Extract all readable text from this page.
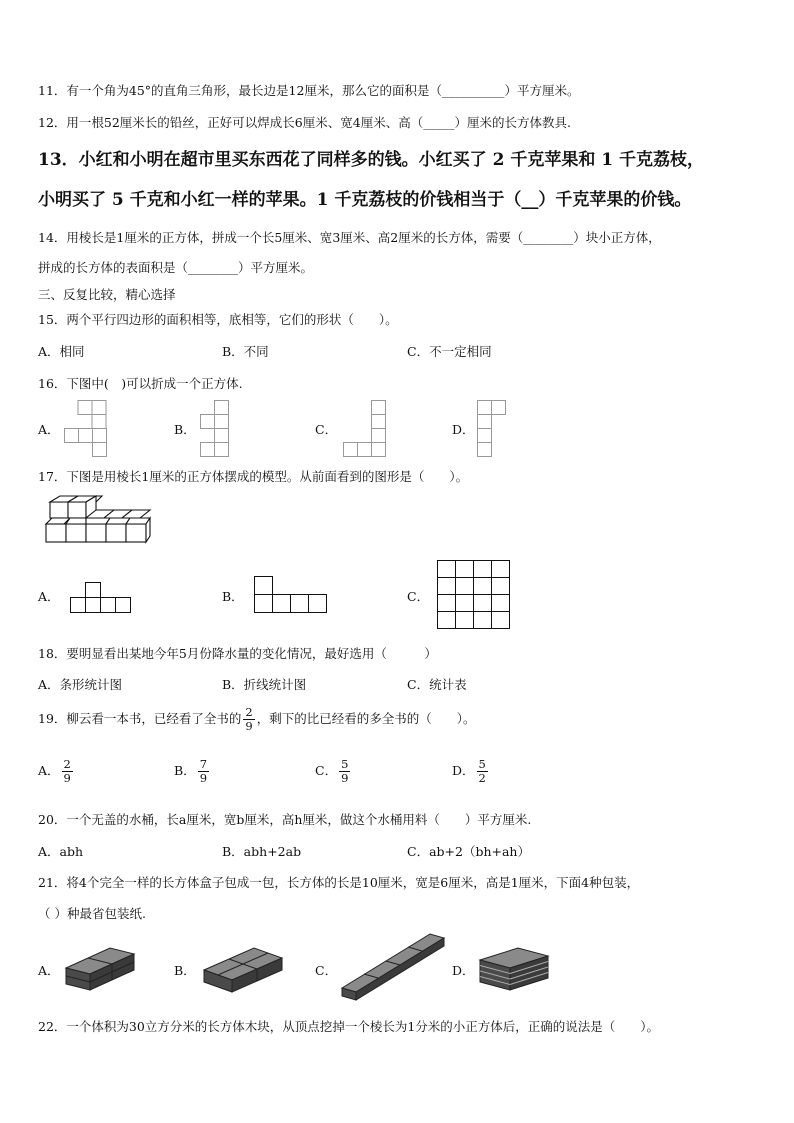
11．有一个角为45°的直角三角形，最长边是12厘米，那么它的面积是（__________）平方厘米。
12．用一根52厘米长的铅丝，正好可以焊成长6厘米、宽4厘米、高（_____）厘米的长方体教具.
13．小红和小明在超市里买东西花了同样多的钱。小红买了 2 千克苹果和 1 千克荔枝，
小明买了 5 千克和小红一样的苹果。1 千克荔枝的价钱相当于（__）千克苹果的价钱。
14．用棱长是1厘米的正方体，拼成一个长5厘米、宽3厘米、高2厘米的长方体，需要（________）块小正方体，
拼成的长方体的表面积是（________）平方厘米。
三、反复比较，精心选择
15．两个平行四边形的面积相等，底相等，它们的形状（　　）。
A．相同	B．不同	C．不一定相同
16．下图中(　)可以折成一个正方体.
A．	B．	C．	D．
17．下图是用棱长1厘米的正方体摆成的模型。从前面看到的图形是（　　）。
A．	B．	C．
18．要明显看出某地今年5月份降水量的变化情况，最好选用（　　　）
A．条形统计图	B．折线统计图	C．统计表
19．柳云看一本书，已经看了全书的 $\frac{2}{9}$ ，剩下的比已经看的多全书的（　　）。
A． $\frac{2}{9}$	B． $\frac{7}{9}$	C． $\frac{5}{9}$	D． $\frac{5}{2}$
20．一个无盖的水桶，长a厘米，宽b厘米，高h厘米，做这个水桶用料（　　）平方厘米.
A．abh	B．abh+2ab	C．ab+2（bh+ah）
21．将4个完全一样的长方体盒子包成一包，长方体的长是10厘米，宽是6厘米，高是1厘米，下面4种包装，
（ ）种最省包装纸.
A．	B．	C．	D．
22．一个体积为30立方分米的长方体木块，从顶点挖掉一个棱长为1分米的小正方体后，正确的说法是（　　）。
